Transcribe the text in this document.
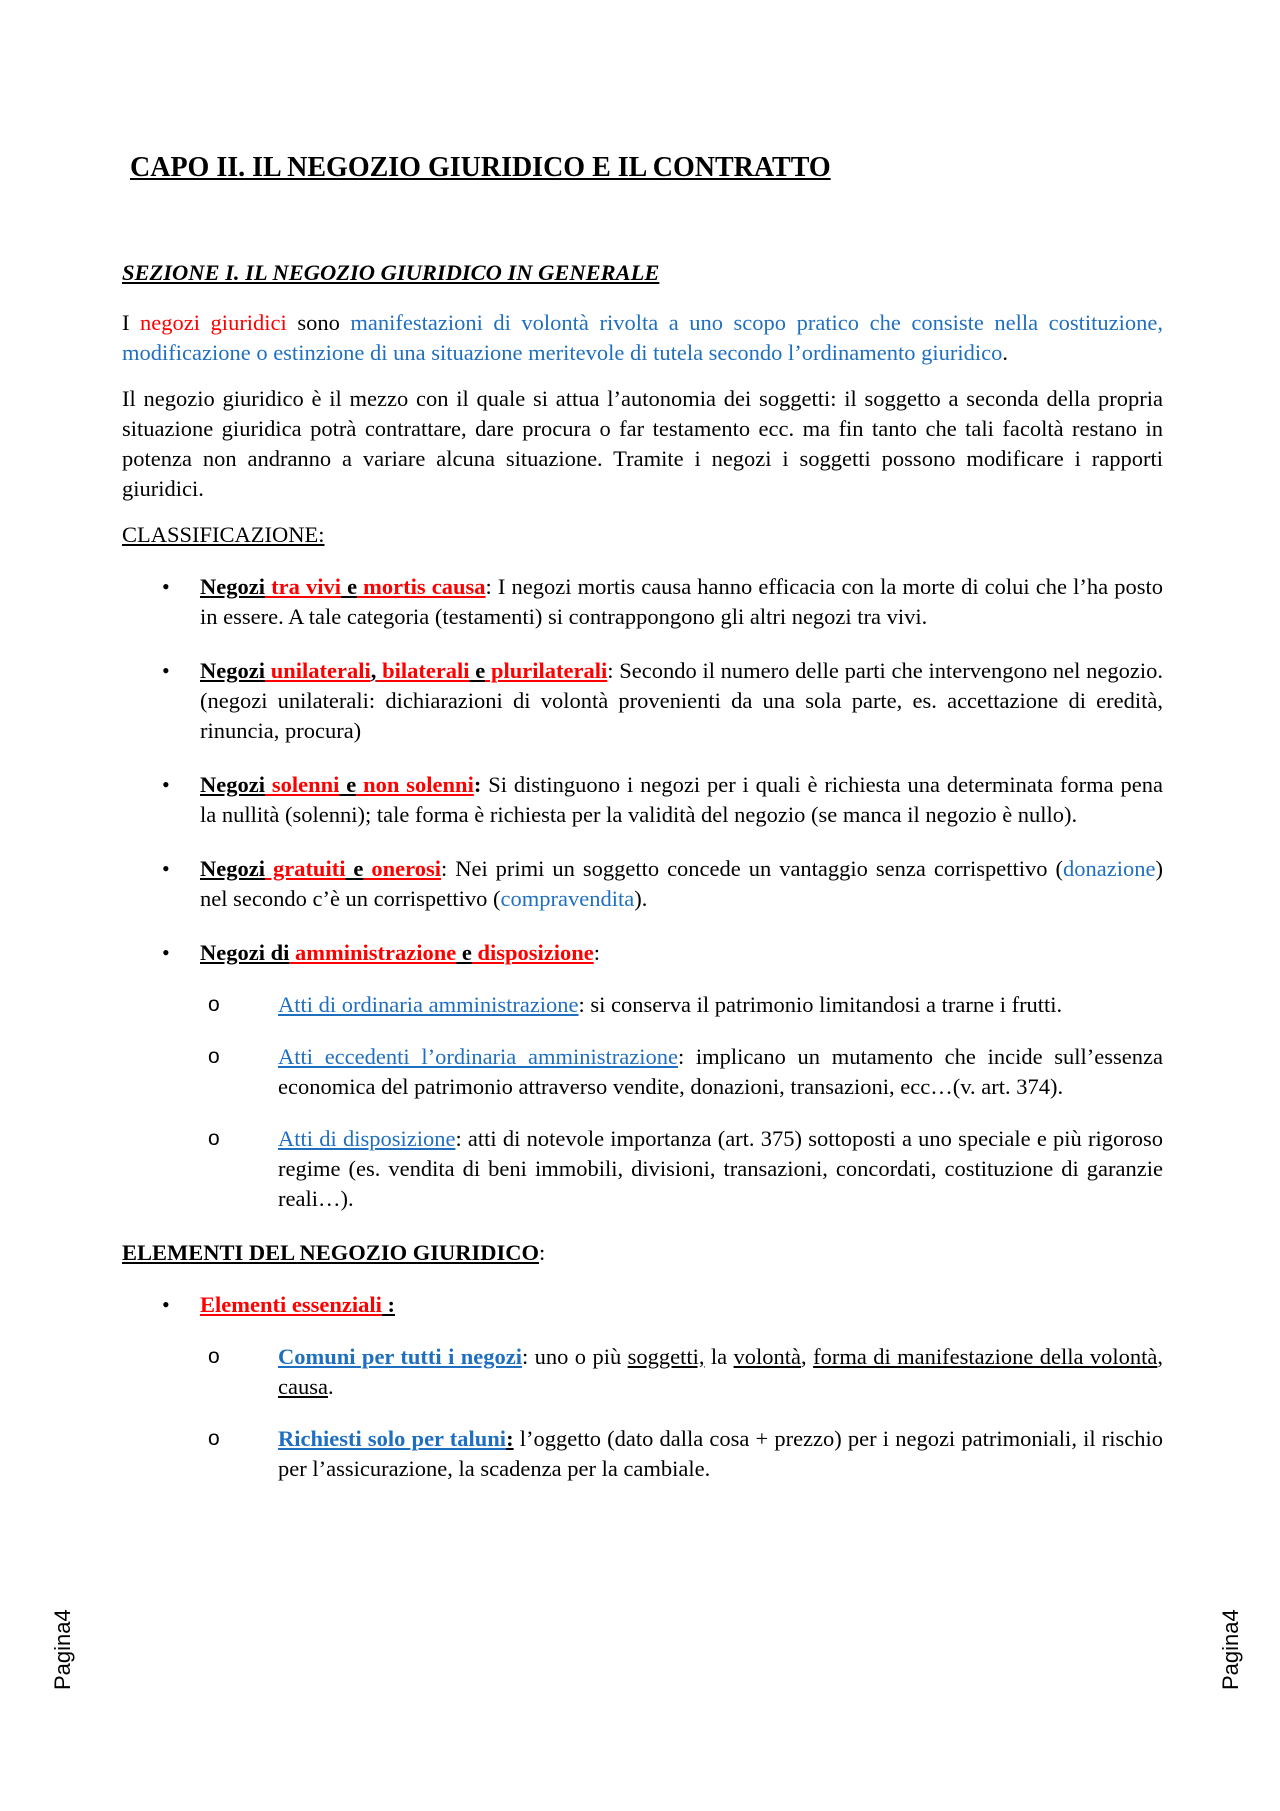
CAPO II. IL NEGOZIO GIURIDICO E IL CONTRATTO

SEZIONE I. IL NEGOZIO GIURIDICO IN GENERALE

I negozi giuridici sono manifestazioni di volontà rivolta a uno scopo pratico che consiste nella costituzione, modificazione o estinzione di una situazione meritevole di tutela secondo l’ordinamento giuridico.

Il negozio giuridico è il mezzo con il quale si attua l’autonomia dei soggetti: il soggetto a seconda della propria situazione giuridica potrà contrattare, dare procura o far testamento ecc. ma fin tanto che tali facoltà restano in potenza non andranno a variare alcuna situazione. Tramite i negozi i soggetti possono modificare i rapporti giuridici.

CLASSIFICAZIONE:

• Negozi tra vivi e mortis causa: I negozi mortis causa hanno efficacia con la morte di colui che l’ha posto in essere. A tale categoria (testamenti) si contrappongono gli altri negozi tra vivi.
• Negozi unilaterali, bilaterali e plurilaterali: Secondo il numero delle parti che intervengono nel negozio. (negozi unilaterali: dichiarazioni di volontà provenienti da una sola parte, es. accettazione di eredità, rinuncia, procura)
• Negozi solenni e non solenni: Si distinguono i negozi per i quali è richiesta una determinata forma pena la nullità (solenni); tale forma è richiesta per la validità del negozio (se manca il negozio è nullo).
• Negozi gratuiti e onerosi: Nei primi un soggetto concede un vantaggio senza corrispettivo (donazione) nel secondo c’è un corrispettivo (compravendita).
• Negozi di amministrazione e disposizione:
o	Atti di ordinaria amministrazione: si conserva il patrimonio limitandosi a trarne i frutti.
o	Atti eccedenti l’ordinaria amministrazione: implicano un mutamento che incide sull’essenza economica del patrimonio attraverso vendite, donazioni, transazioni, ecc…(v. art. 374).
o	Atti di disposizione: atti di notevole importanza (art. 375) sottoposti a uno speciale e più rigoroso regime (es. vendita di beni immobili, divisioni, transazioni, concordati, costituzione di garanzie reali…).

ELEMENTI DEL NEGOZIO GIURIDICO:

• Elementi essenziali :
o	Comuni per tutti i negozi: uno o più soggetti, la volontà, forma di manifestazione della volontà, causa.
o	Richiesti solo per taluni: l’oggetto (dato dalla cosa + prezzo) per i negozi patrimoniali, il rischio per l’assicurazione, la scadenza per la cambiale.
Pagina4	Pagina4
